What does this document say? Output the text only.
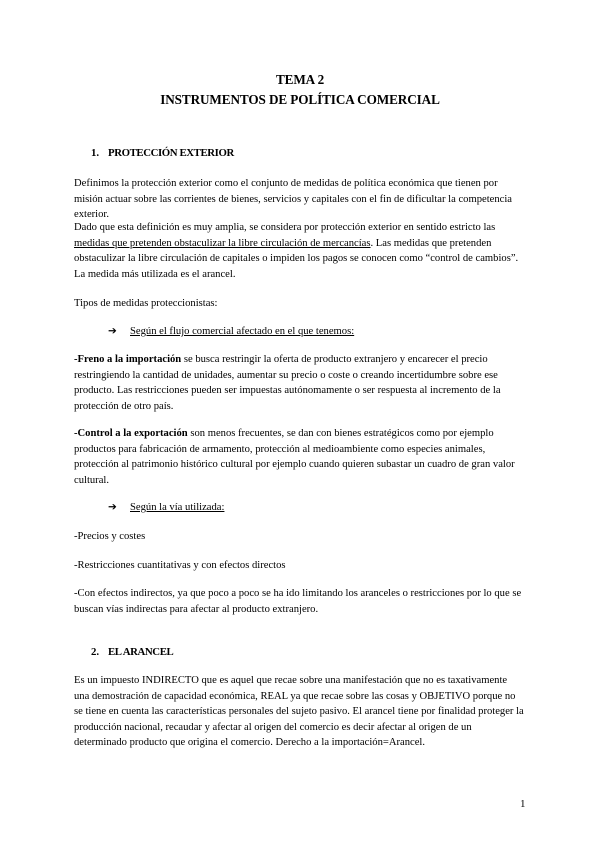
TEMA 2
INSTRUMENTOS DE POLÍTICA COMERCIAL
1. PROTECCIÓN EXTERIOR

Definimos la protección exterior como el conjunto de medidas de política económica que tienen por misión actuar sobre las corrientes de bienes, servicios y capitales con el fin de dificultar la competencia exterior.

Dado que esta definición es muy amplia, se considera por protección exterior en sentido estricto las medidas que pretenden obstaculizar la libre circulación de mercancías. Las medidas que pretenden obstaculizar la libre circulación de capitales o impiden los pagos se conocen como “control de cambios”. La medida más utilizada es el arancel.

Tipos de medidas proteccionistas:

➔ Según el flujo comercial afectado en el que tenemos:

-Freno a la importación se busca restringir la oferta de producto extranjero y encarecer el precio restringiendo la cantidad de unidades, aumentar su precio o coste o creando incertidumbre sobre ese producto. Las restricciones pueden ser impuestas autónomamente o ser respuesta al incremento de la protección de otro país.

-Control a la exportación son menos frecuentes, se dan con bienes estratégicos como por ejemplo productos para fabricación de armamento, protección al medioambiente como especies animales, protección al patrimonio histórico cultural por ejemplo cuando quieren subastar un cuadro de gran valor cultural.

➔ Según la vía utilizada:

-Precios y costes

-Restricciones cuantitativas y con efectos directos

-Con efectos indirectos, ya que poco a poco se ha ido limitando los aranceles o restricciones por lo que se buscan vías indirectas para afectar al producto extranjero.

2. EL ARANCEL

Es un impuesto INDIRECTO que es aquel que recae sobre una manifestación que no es taxativamente una demostración de capacidad económica, REAL ya que recae sobre las cosas y OBJETIVO porque no se tiene en cuenta las características personales del sujeto pasivo. El arancel tiene por finalidad proteger la producción nacional, recaudar y afectar al origen del comercio es decir afectar al origen de un determinado producto que origina el comercio. Derecho a la importación=Arancel.

1
